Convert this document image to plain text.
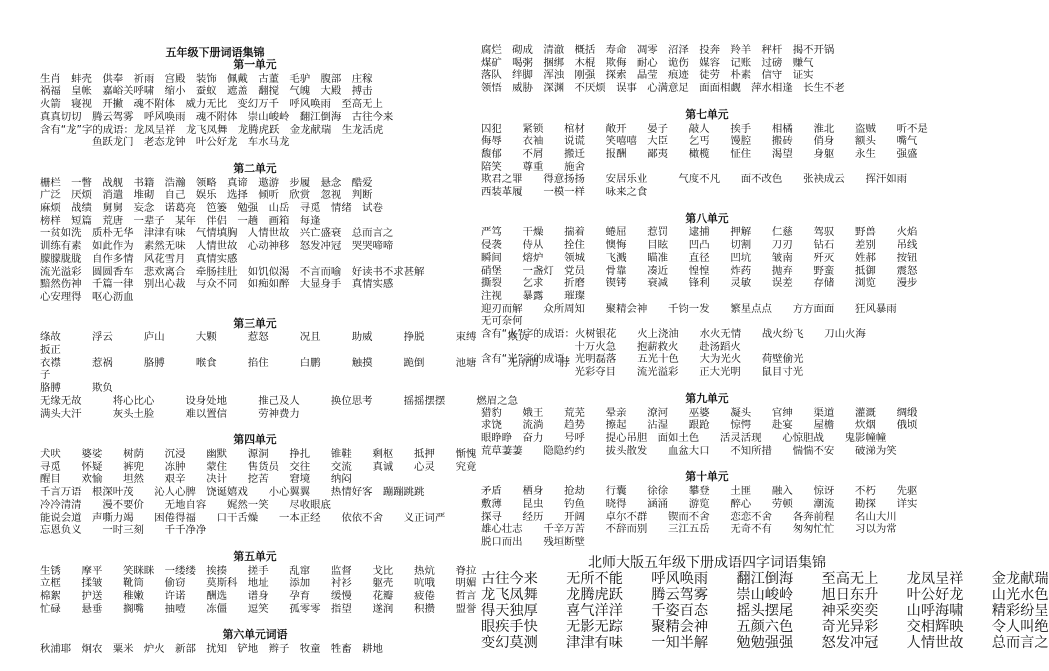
五年级下册词语集锦
第一单元
生肖　蚌壳　供奉　祈雨　宫殿　装饰　佩戴　古董　毛驴　腹部　庄稼
祸福　皇帐　嘉峪关呼啸　缩小　蚕蚁　遮盖　翻搅　气魄　大殿　搏击
火箭　寝视　开撇　魂不附体　威力无比　变幻万千　呼风唤雨　至高无上
真真切切　腾云驾雾　呼风唤雨　魂不附体　崇山峻岭　翻江倒海　古往今来
含有“龙”字的成语：龙凤呈祥　龙飞凤舞　龙腾虎跃　金龙献瑞　生龙活虎
　　　　　鱼跃龙门　老态龙钟　叶公好龙　车水马龙
第二单元
栅栏　一瞥　战舰　书籍　浩瀚　领略　真谛　遨游　步履　悬念　酷爱
广泛　厌烦　消遣　堆砌　自己　娱乐　选择　倾听　欣赏　忽视　判断
麻烦　战绩　舅舅　妄念　诺葛亮　笆篓　勉强　山岳　寻觅　情绪　试卷
榜样　短篇　荒唐　一辈子　某年　伴侣　一趟　画箱　每逢
一贫如洗　质朴无华　津津有味　气情填胸　人情世故　兴亡盛衰　总而言之
训练有素　如此作为　素然无味　人情世故　心动神移　怒发冲冠　哭哭啼啼
朦朦胧胧　自作多情　风花雪月　真情实感
流光溢彩　圆圆香车　悲欢离合　牵肠挂肚　如饥似渴　不言而喻　好读书不求甚解
黯然伤神　千篇一律　别出心裁　与众不同　如痴如醉　大显身手　真情实感
心安理得　呕心沥血
第三单元
绦故　　　浮云　　　庐山　　　大颗　　　惹怒　　　况且　　　助威　　　挣脱　　　束缚　　　欺负
扳正
衣襟　　　惹祸　　　胳膊　　　喉食　　　掐住　　　白鹏　　　触摸　　　跪倒　　　池塘　　　无所谓　　脖
子
胳膊　　　欺负
无缘无故　　　将心比心　　　设身处地　　　推己及人　　　换位思考　　　摇摇摆摆　　　燃眉之急
满头大汗　　　灰头土脸　　　难以置信　　　劳神费力
第四单元
犬吠　　婆娑　　树荫　　沉浸　　幽默　　源洞　　挣扎　　锥鞋　　剩枢　　抵押　　惭愧
寻觅　　怀疑　　裤兜　　冻肿　　蒙住　　售货员　交往　　交流　　真诚　　心灵　　究竟
醒目　　欢愉　　坦然　　艰辛　　决计　　挖苦　　窘境　　纳闷
千言万语　根深叶茂　　沁人心脾　饶诞嬉戏　　小心翼翼　　热情好客　蹦蹦跳跳
冷冷清清　　漫不要价　　无地自容　　娓然一笑　　尽收眼底
能说会道　声嘶力竭　　困倦得福　　口干舌燥　　一本正经　　依依不舍　　义正词严
忘恩负义　　一时三刻　　千千净净
第五单元
生锈　　摩平　　笑眯眯　一缕缕　挨揍　　搓手　　乱窜　　监督　　戈比　　热炕　　脊拉
立框　　揉皱　　靴筒　　偷窃　　莫斯科　地址　　添加　　衬衫　　躯壳　　吭哦　　明媚
棉絮　　护送　　稚嫩　　许诺　　酬选　　谱身　　孕育　　缓慢　　花瓣　　疲倦　　哲言
忙碌　　悬垂　　搁嘴　　抽噎　　冻僵　　逗笑　　孤零零　指望　　遂润　　积攒　　盟誉
第六单元词语
秋浦耶　炯农　粟米　炉火　新部　扰知　铲地　辫子　牧童　牲畜　耕地
腐烂　砌成　清澈　概括　寿命　凋零　沼泽　投奔　羚羊　秤杆　揭不开锅
煤矿　喝粥　捆绑　木棍　欺侮　耐心　诡伤　媒容　记账　过磅　赚气
落队　绊脚　浑浊　刚强　探索　晶莹　痕迹　徒劳　朴素　信守　证实
领悟　威胁　深渊　不厌烦　误事　心满意足　面面相觑　萍水相逢　长生不老
第七单元
囚犯　　紧锁　　棺材　　敞开　　晏子　　敲人　　挨手　　相橘　　淮北　　盗贼　　听不是
侮辱　　衣袖　　说谎　　笑嘻嘻　大臣　　乞丐　　馒腔　　搬砖　　俏身　　额头　　嘴气
馥郁　　不屑　　搬迁　　报酬　　鄙夷　　橄榄　　怔住　　渴望　　身躯　　永生　　强盛
陪笑　　尊重　　施舍
欺君之罪　　得意扬扬　　安居乐业　　　气度不凡　　面不改色　　张袂成云　　挥汗如雨
西装革履　　一模一样　　咏来之食
第八单元
严笃　　干燥　　揣着　　蜷屈　　惹罚　　逮捕　　押解　　仁慈　　驾驭　　野兽　　火焰
侵袭　　侍从　　拴住　　懊悔　　目眩　　凹凸　　切割　　刀刃　　钻石　　差别　　吊线
瞬间　　熔炉　　领城　　飞溅　　瞄准　　直径　　凹坑　　皱南　　歼灭　　姓郝　　按钮
硝堡　　一盏灯　党员　　骨靠　　凑近　　惶惶　　炸药　　抛弃　　野蛮　　抵御　　震怒
撕裂　　乞求　　折磨　　锲铐　　衰减　　锋利　　灵敏　　误差　　存储　　浏览　　漫步
注视　　暴露　　璀璨
迎刃而解　　众所周知　　聚精会神　　千钧一发　　繁星点点　　方方面面　　狂风暴雨
无可奈何
含有“火”字的成语：火树银花　　火上浇油　　水火无情　　战火纷飞　　刀山火海
　　　　　　　　　十万火急　　抱薪救火　　赴汤蹈火
含有“光”字的成语：光明磊落　　五光十色　　大为光火　　荷壁偷光
　　　　　　　　　光彩夺目　　流光溢彩　　正大光明　　鼠目寸光
第九单元
猎豹　　娥王　　荒芜　　晕亲　　潦河　　巫婆　　凝头　　官绅　　渠道　　灌溉　　绸缎
求饶　　流淌　　趋势　　擦起　　沾湿　　跟跄　　惊愕　　赴宴　　屋檐　　炊烟　　俄顷
眼睁睁　奋力　　号呼　　提心吊胆　面如土色　　活灵活现　　心惊胆战　　鬼影幢幢
荒草萋萋　　隐隐约约　　拔头散发　　血盆大口　　不知所措　　惴惴不安　　破涕为笑
第十单元
矛盾　　栖身　　抢劫　　行囊　　徐徐　　攀登　　土匪　　融入　　惊讶　　不朽　　先驱
敷薄　　昆虫　　钓鱼　　晓得　　涵涌　　游览　　醉心　　劳顿　　潮流　　勘探　　详实
探寻　　经历　　开阔　　卓尔不群　　锲而不舍　　恋恋不舍　　各奔前程　　名山大川
雄心壮志　　千辛万苦　　不辞而别　　三江五岳　　无奇不有　　匆匆忙忙　　习以为常
脱口而出　　残垣断壁
北师大版五年级下册成语四字词语集锦
古往今来　　无所不能　　呼风唤雨　　翻江倒海　　至高无上　　龙凤呈祥　　金龙献瑞
龙飞凤舞　　龙腾虎跃　　腾云驾雾　　崇山峻岭　　旭日东升　　叶公好龙　　山光水色
得天独厚　　喜气洋洋　　千姿百态　　摇头摆尾　　神采奕奕　　山呼海啸　　精彩纷呈
眼疾手快　　无影无踪　　聚精会神　　五颜六色　　奇光异彩　　交相辉映　　令人叫绝
变幻莫测　　津津有味　　一知半解　　勉勉强强　　怒发冲冠　　人情世故　　总而言之
